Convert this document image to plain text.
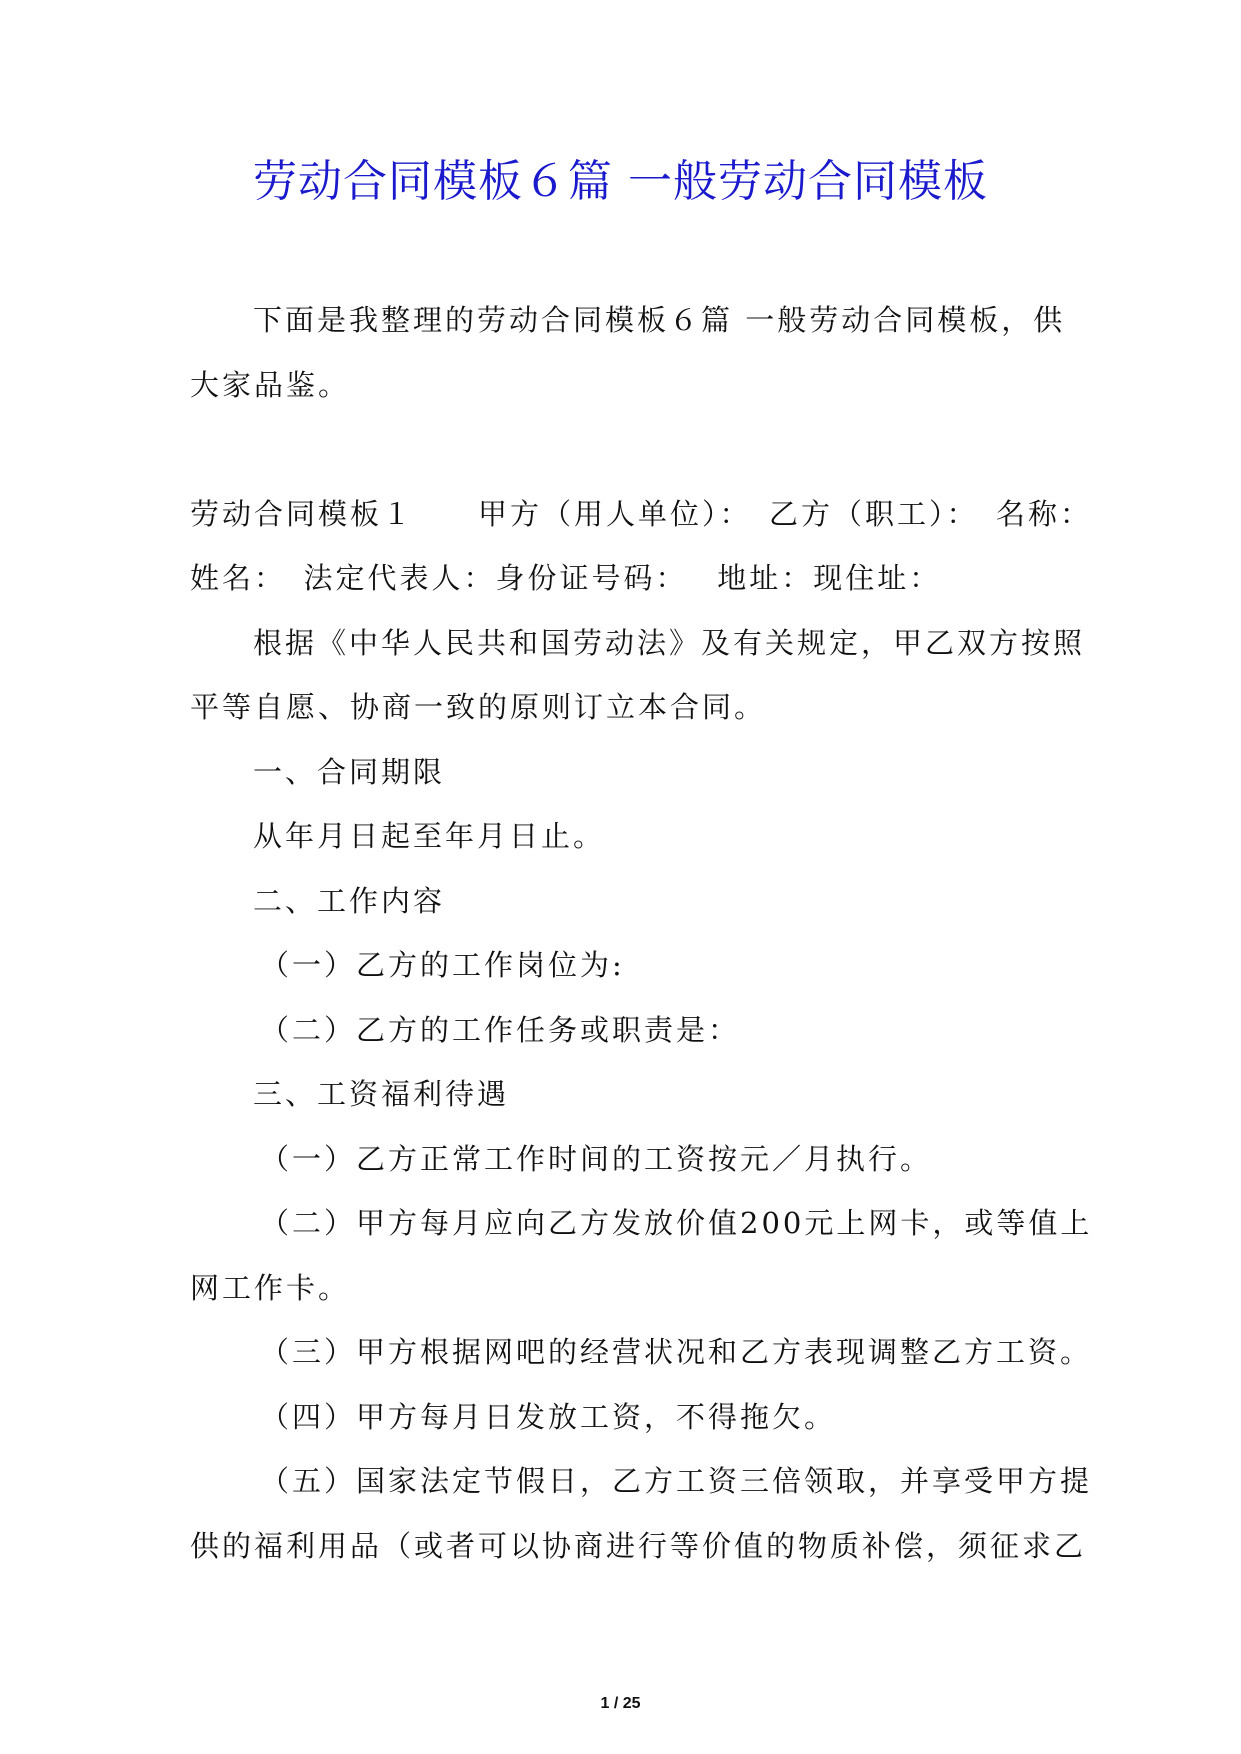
劳动合同模板６篇 一般劳动合同模板

下面是我整理的劳动合同模板６篇 一般劳动合同模板，供

大家品鉴。

劳动合同模板１　　甲方（用人单位）：　乙方（职工）：　名称：

姓名：　法定代表人：身份证号码：　 地址：现住址：

根据《中华人民共和国劳动法》及有关规定，甲乙双方按照

平等自愿、协商一致的原则订立本合同。

一、合同期限

从年月日起至年月日止。

二、工作内容

（一）乙方的工作岗位为:

（二）乙方的工作任务或职责是：

三、工资福利待遇

（一）乙方正常工作时间的工资按元／月执行。

（二）甲方每月应向乙方发放价值200元上网卡，或等值上

网工作卡。

（三）甲方根据网吧的经营状况和乙方表现调整乙方工资。

（四）甲方每月日发放工资，不得拖欠。

（五）国家法定节假日，乙方工资三倍领取，并享受甲方提

供的福利用品（或者可以协商进行等价值的物质补偿，须征求乙

1 / 25
